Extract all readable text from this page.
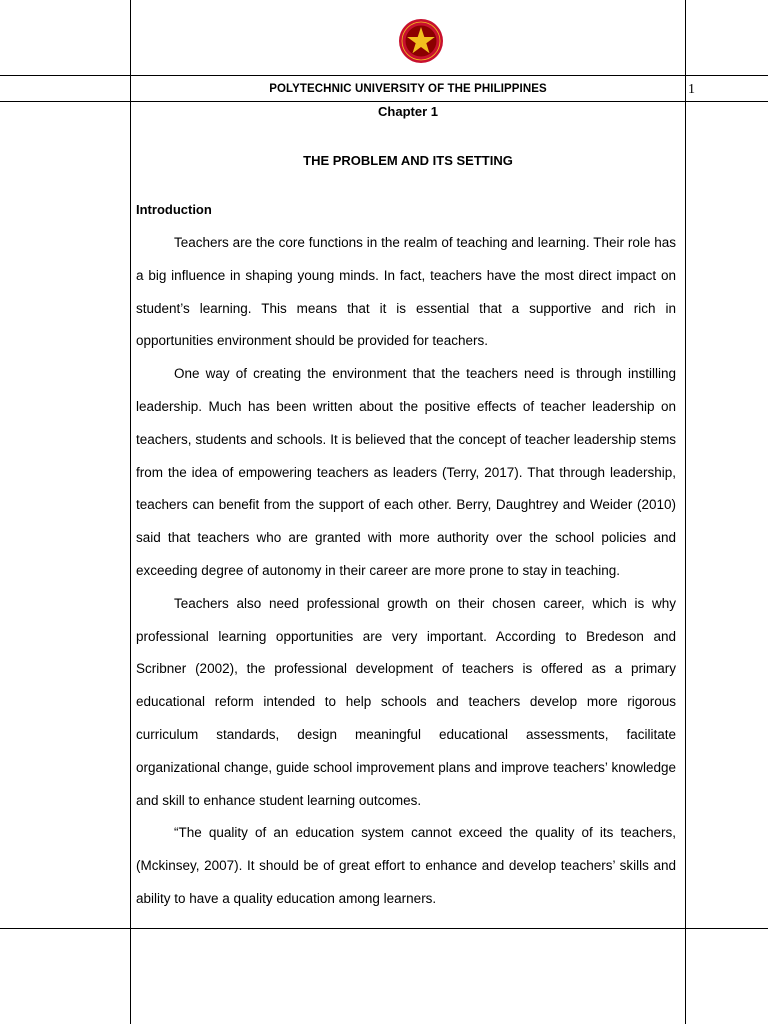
POLYTECHNIC UNIVERSITY OF THE PHILIPPINES	1
Chapter 1
THE PROBLEM AND ITS SETTING
Introduction

Teachers are the core functions in the realm of teaching and learning. Their role has a big influence in shaping young minds. In fact, teachers have the most direct impact on student’s learning. This means that it is essential that a supportive and rich in opportunities environment should be provided for teachers.

One way of creating the environment that the teachers need is through instilling leadership. Much has been written about the positive effects of teacher leadership on teachers, students and schools. It is believed that the concept of teacher leadership stems from the idea of empowering teachers as leaders (Terry, 2017). That through leadership, teachers can benefit from the support of each other. Berry, Daughtrey and Weider (2010) said that teachers who are granted with more authority over the school policies and exceeding degree of autonomy in their career are more prone to stay in teaching.

Teachers also need professional growth on their chosen career, which is why professional learning opportunities are very important. According to Bredeson and Scribner (2002), the professional development of teachers is offered as a primary educational reform intended to help schools and teachers develop more rigorous curriculum standards, design meaningful educational assessments, facilitate organizational change, guide school improvement plans and improve teachers’ knowledge and skill to enhance student learning outcomes.

“The quality of an education system cannot exceed the quality of its teachers, (Mckinsey, 2007). It should be of great effort to enhance and develop teachers’ skills and ability to have a quality education among learners.
